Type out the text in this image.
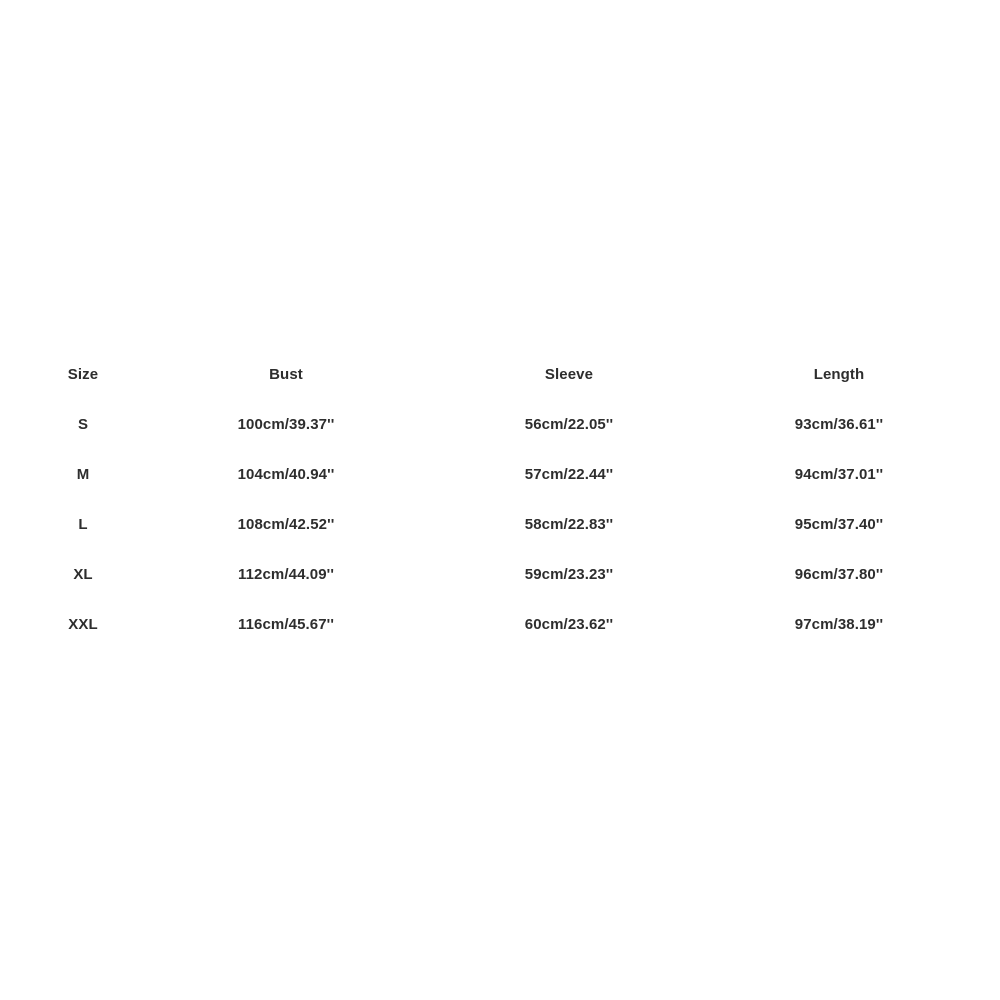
Size	Bust	Sleeve	Length
S	100cm/39.37''	56cm/22.05''	93cm/36.61''
M	104cm/40.94''	57cm/22.44''	94cm/37.01''
L	108cm/42.52''	58cm/22.83''	95cm/37.40''
XL	112cm/44.09''	59cm/23.23''	96cm/37.80''
XXL	116cm/45.67''	60cm/23.62''	97cm/38.19''
